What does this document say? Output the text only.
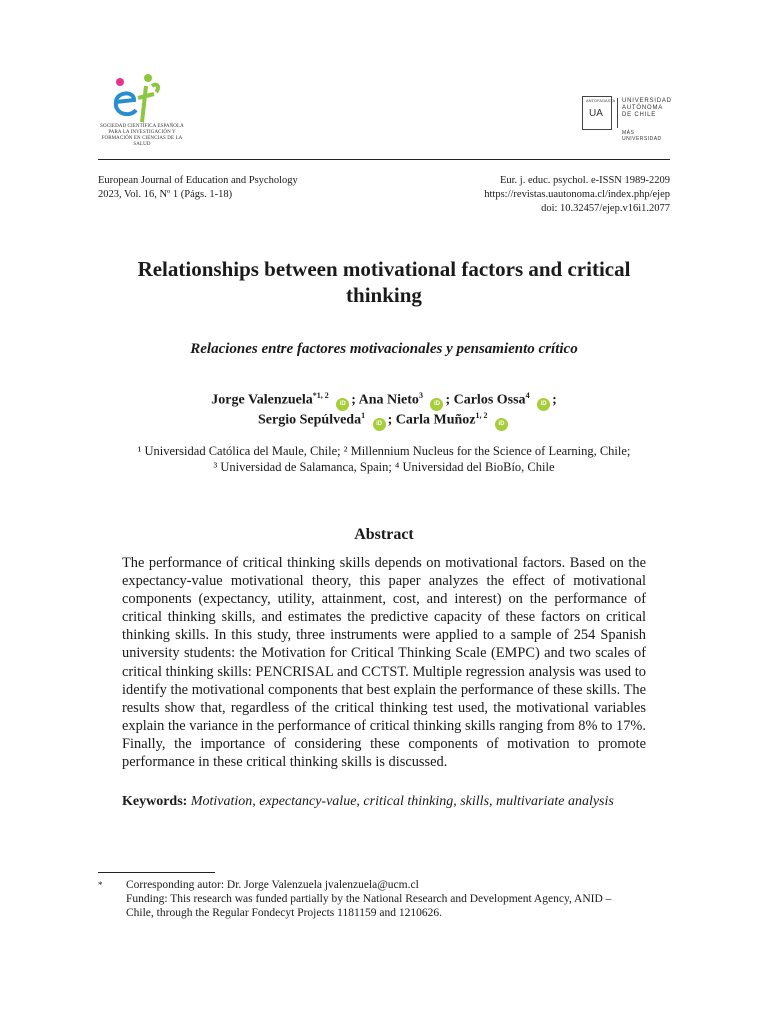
SOCIEDAD CIENTÍFICA ESPAÑOLA PARA LA INVESTIGACIÓN Y FORMACIÓN EN CIENCIAS DE LA SALUD
ANTOFAGASTA
UA
UNIVERSIDAD
AUTÓNOMA
DE CHILE
MÁS UNIVERSIDAD
European Journal of Education and Psychology
2023, Vol. 16, Nº 1 (Págs. 1-18)
Eur. j. educ. psychol. e-ISSN 1989-2209
https://revistas.uautonoma.cl/index.php/ejep
doi: 10.32457/ejep.v16i1.2077
Relationships between motivational factors and critical thinking
Relaciones entre factores motivacionales y pensamiento crítico
Jorge Valenzuela$^{*1, 2}$ iD ; Ana Nieto$^3$ iD ; Carlos Ossa$^4$ iD ;
Sergio Sepúlveda$^1$ iD ; Carla Muñoz$^{1, 2}$ iD
¹ Universidad Católica del Maule, Chile; ² Millennium Nucleus for the Science of Learning, Chile;
³ Universidad de Salamanca, Spain; ⁴ Universidad del BioBío, Chile
Abstract
The performance of critical thinking skills depends on motivational factors. Based on the expectancy-value motivational theory, this paper analyzes the effect of motivational components (expectancy, utility, attainment, cost, and interest) on the performance of critical thinking skills, and estimates the predictive capacity of these factors on critical thinking skills. In this study, three instruments were applied to a sample of 254 Spanish university students: the Motivation for Critical Thinking Scale (EMPC) and two scales of critical thinking skills: PENCRISAL and CCTST. Multiple regression analysis was used to identify the motivational components that best explain the performance of these skills. The results show that, regardless of the critical thinking test used, the motivational variables explain the variance in the performance of critical thinking skills ranging from 8% to 17%. Finally, the importance of considering these components of motivation to promote performance in these critical thinking skills is discussed.
Keywords: Motivation, expectancy-value, critical thinking, skills, multivariate analysis
* Corresponding autor: Dr. Jorge Valenzuela jvalenzuela@ucm.cl
Funding: This research was funded partially by the National Research and Development Agency, ANID –
Chile, through the Regular Fondecyt Projects 1181159 and 1210626.
